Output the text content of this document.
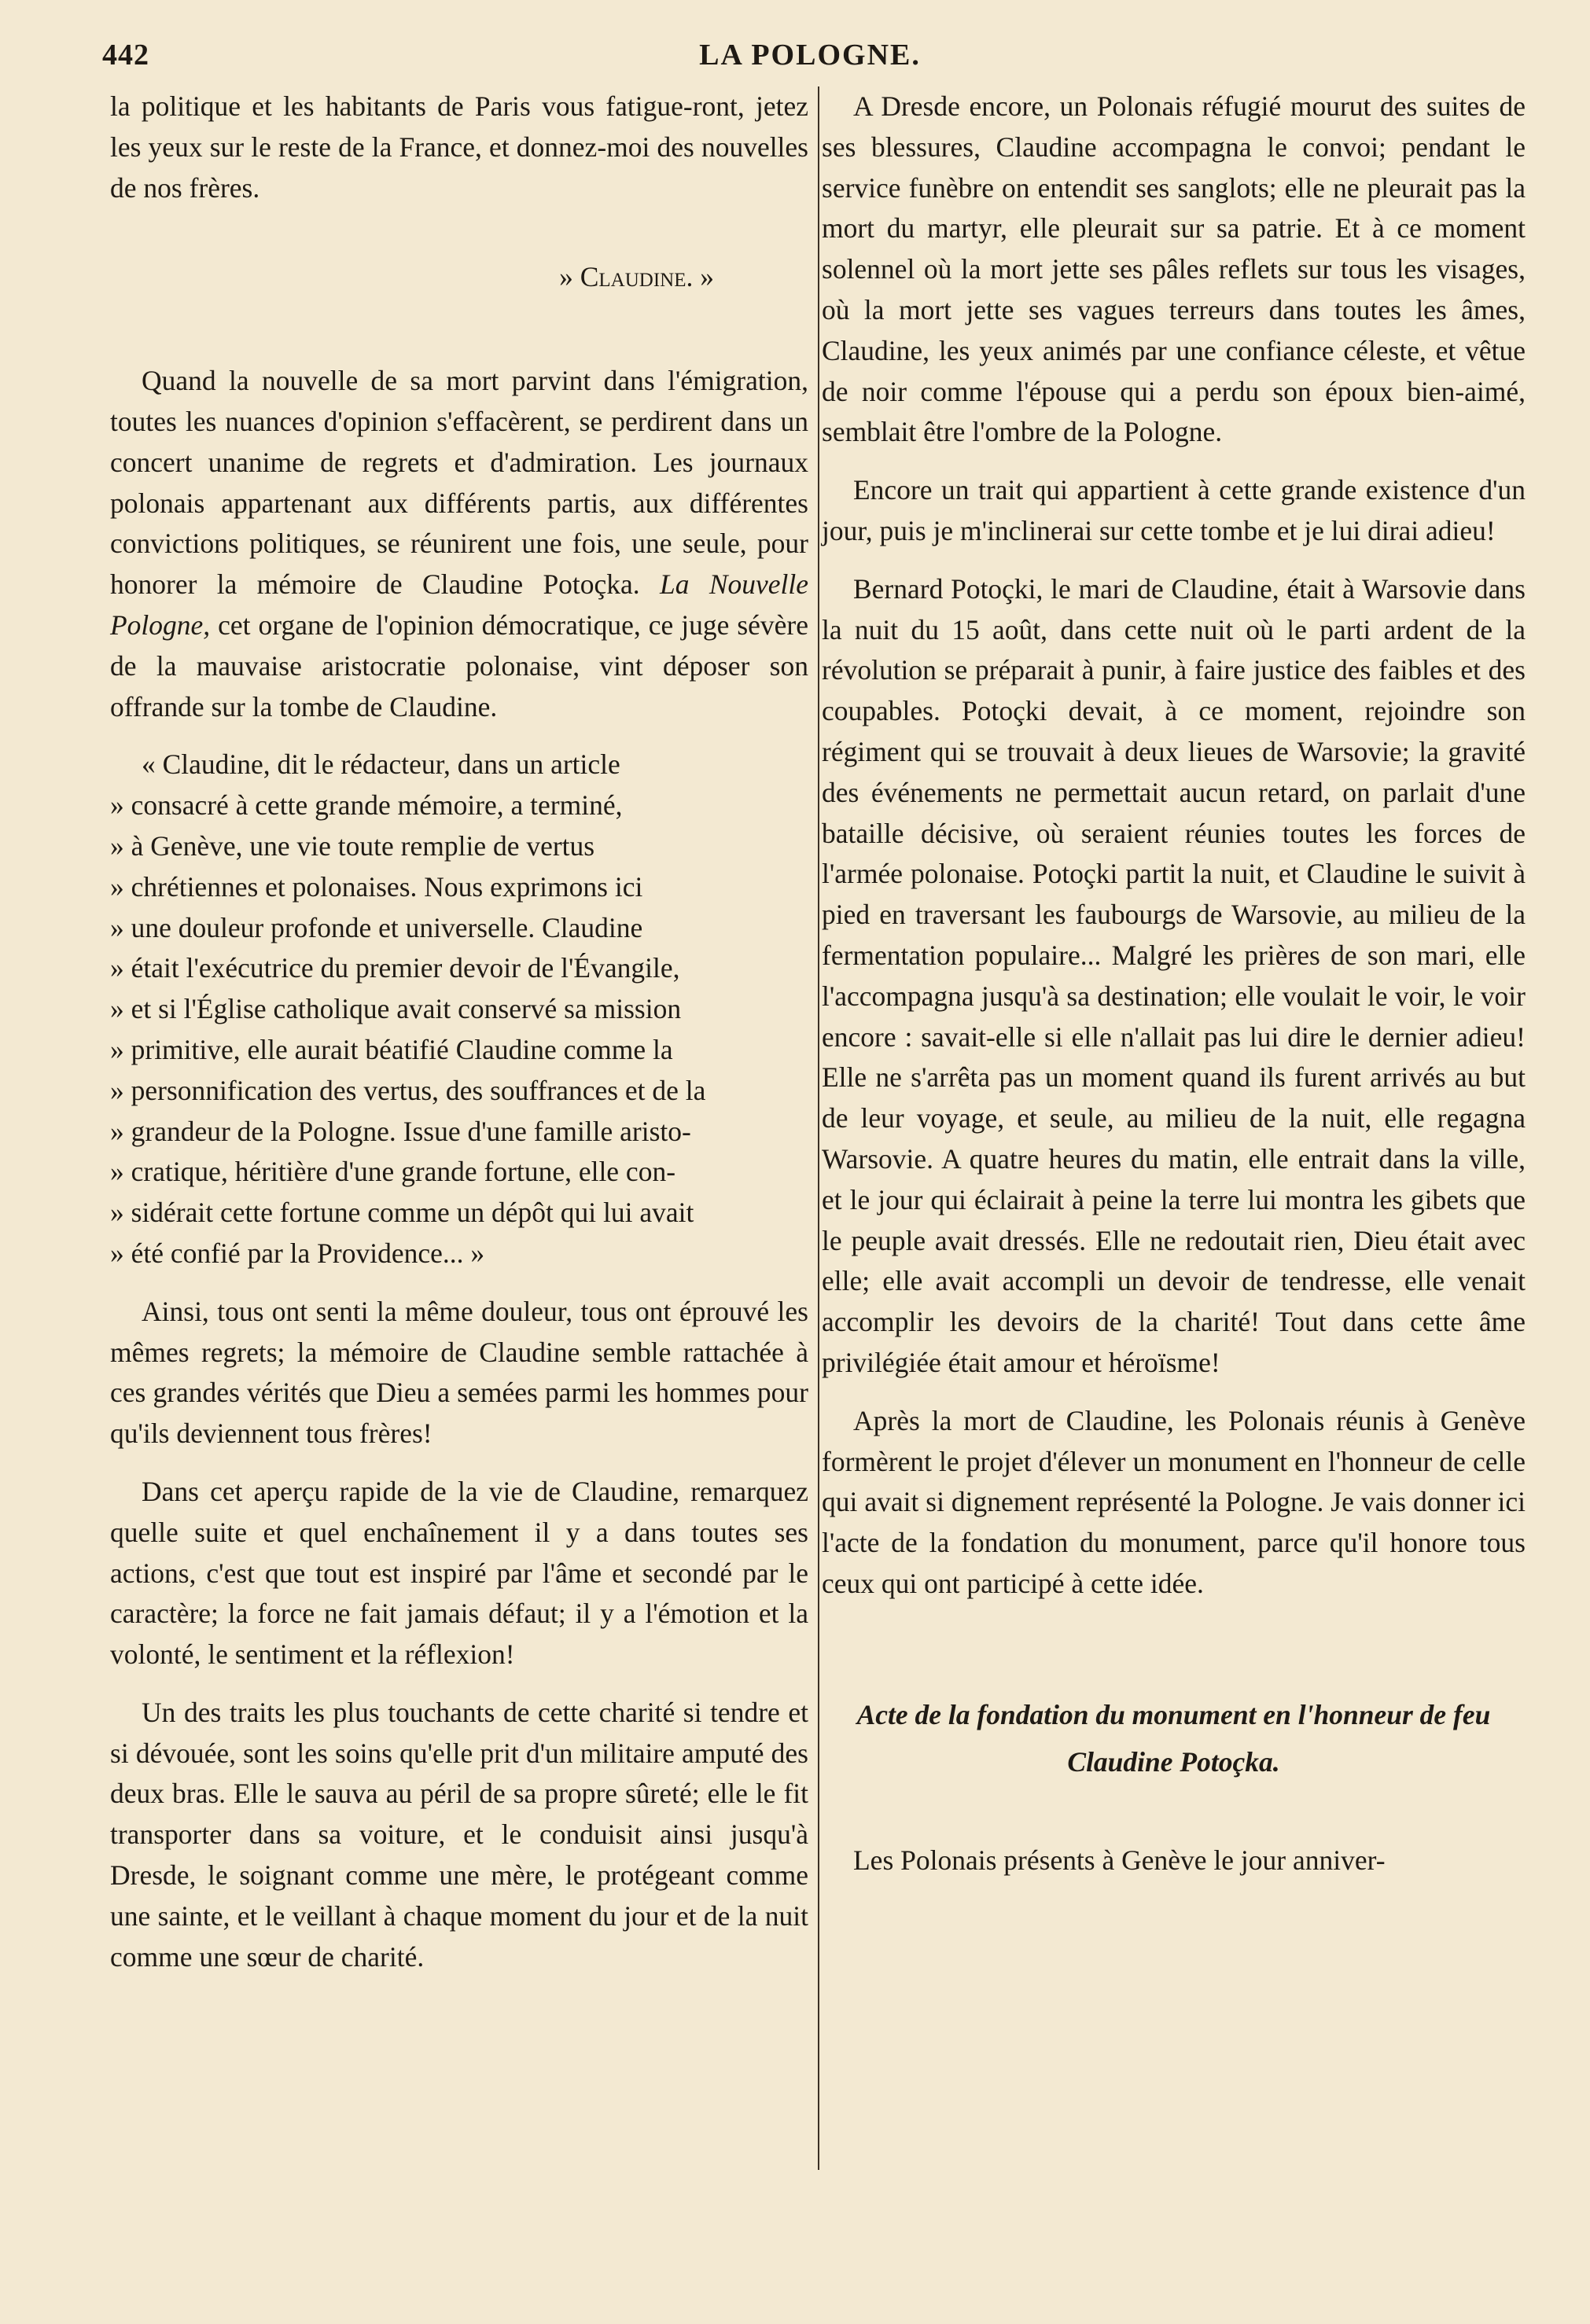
442	LA POLOGNE.

la politique et les habitants de Paris vous fatigue-ront, jetez les yeux sur le reste de la France, et donnez-moi des nouvelles de nos frères.

» Claudine. »

Quand la nouvelle de sa mort parvint dans l'émigration, toutes les nuances d'opinion s'effacèrent, se perdirent dans un concert unanime de regrets et d'admiration. Les journaux polonais appartenant aux différents partis, aux différentes convictions politiques, se réunirent une fois, une seule, pour honorer la mémoire de Claudine Potoçka. La Nouvelle Pologne, cet organe de l'opinion démocratique, ce juge sévère de la mauvaise aristocratie polonaise, vint déposer son offrande sur la tombe de Claudine.

« Claudine, dit le rédacteur, dans un article

» consacré à cette grande mémoire, a terminé,

» à Genève, une vie toute remplie de vertus

» chrétiennes et polonaises. Nous exprimons ici

» une douleur profonde et universelle. Claudine

» était l'exécutrice du premier devoir de l'Évangile,

» et si l'Église catholique avait conservé sa mission

» primitive, elle aurait béatifié Claudine comme la

» personnification des vertus, des souffrances et de la

» grandeur de la Pologne. Issue d'une famille aristo-

» cratique, héritière d'une grande fortune, elle con-

» sidérait cette fortune comme un dépôt qui lui avait

» été confié par la Providence... »

Ainsi, tous ont senti la même douleur, tous ont éprouvé les mêmes regrets; la mémoire de Claudine semble rattachée à ces grandes vérités que Dieu a semées parmi les hommes pour qu'ils deviennent tous frères!

Dans cet aperçu rapide de la vie de Claudine, remarquez quelle suite et quel enchaînement il y a dans toutes ses actions, c'est que tout est inspiré par l'âme et secondé par le caractère; la force ne fait jamais défaut; il y a l'émotion et la volonté, le sentiment et la réflexion!

Un des traits les plus touchants de cette charité si tendre et si dévouée, sont les soins qu'elle prit d'un militaire amputé des deux bras. Elle le sauva au péril de sa propre sûreté; elle le fit transporter dans sa voiture, et le conduisit ainsi jusqu'à Dresde, le soignant comme une mère, le protégeant comme une sainte, et le veillant à chaque moment du jour et de la nuit comme une sœur de charité.

A Dresde encore, un Polonais réfugié mourut des suites de ses blessures, Claudine accompagna le convoi; pendant le service funèbre on entendit ses sanglots; elle ne pleurait pas la mort du martyr, elle pleurait sur sa patrie. Et à ce moment solennel où la mort jette ses pâles reflets sur tous les visages, où la mort jette ses vagues terreurs dans toutes les âmes, Claudine, les yeux animés par une confiance céleste, et vêtue de noir comme l'épouse qui a perdu son époux bien-aimé, semblait être l'ombre de la Pologne.

Encore un trait qui appartient à cette grande existence d'un jour, puis je m'inclinerai sur cette tombe et je lui dirai adieu!

Bernard Potoçki, le mari de Claudine, était à Warsovie dans la nuit du 15 août, dans cette nuit où le parti ardent de la révolution se préparait à punir, à faire justice des faibles et des coupables. Potoçki devait, à ce moment, rejoindre son régiment qui se trouvait à deux lieues de Warsovie; la gravité des événements ne permettait aucun retard, on parlait d'une bataille décisive, où seraient réunies toutes les forces de l'armée polonaise. Potoçki partit la nuit, et Claudine le suivit à pied en traversant les faubourgs de Warsovie, au milieu de la fermentation populaire... Malgré les prières de son mari, elle l'accompagna jusqu'à sa destination; elle voulait le voir, le voir encore : savait-elle si elle n'allait pas lui dire le dernier adieu! Elle ne s'arrêta pas un moment quand ils furent arrivés au but de leur voyage, et seule, au milieu de la nuit, elle regagna Warsovie. A quatre heures du matin, elle entrait dans la ville, et le jour qui éclairait à peine la terre lui montra les gibets que le peuple avait dressés. Elle ne redoutait rien, Dieu était avec elle; elle avait accompli un devoir de tendresse, elle venait accomplir les devoirs de la charité! Tout dans cette âme privilégiée était amour et héroïsme!

Après la mort de Claudine, les Polonais réunis à Genève formèrent le projet d'élever un monument en l'honneur de celle qui avait si dignement représenté la Pologne. Je vais donner ici l'acte de la fondation du monument, parce qu'il honore tous ceux qui ont participé à cette idée.

Acte de la fondation du monument en l'honneur de feu Claudine Potoçka.

Les Polonais présents à Genève le jour anniver-
